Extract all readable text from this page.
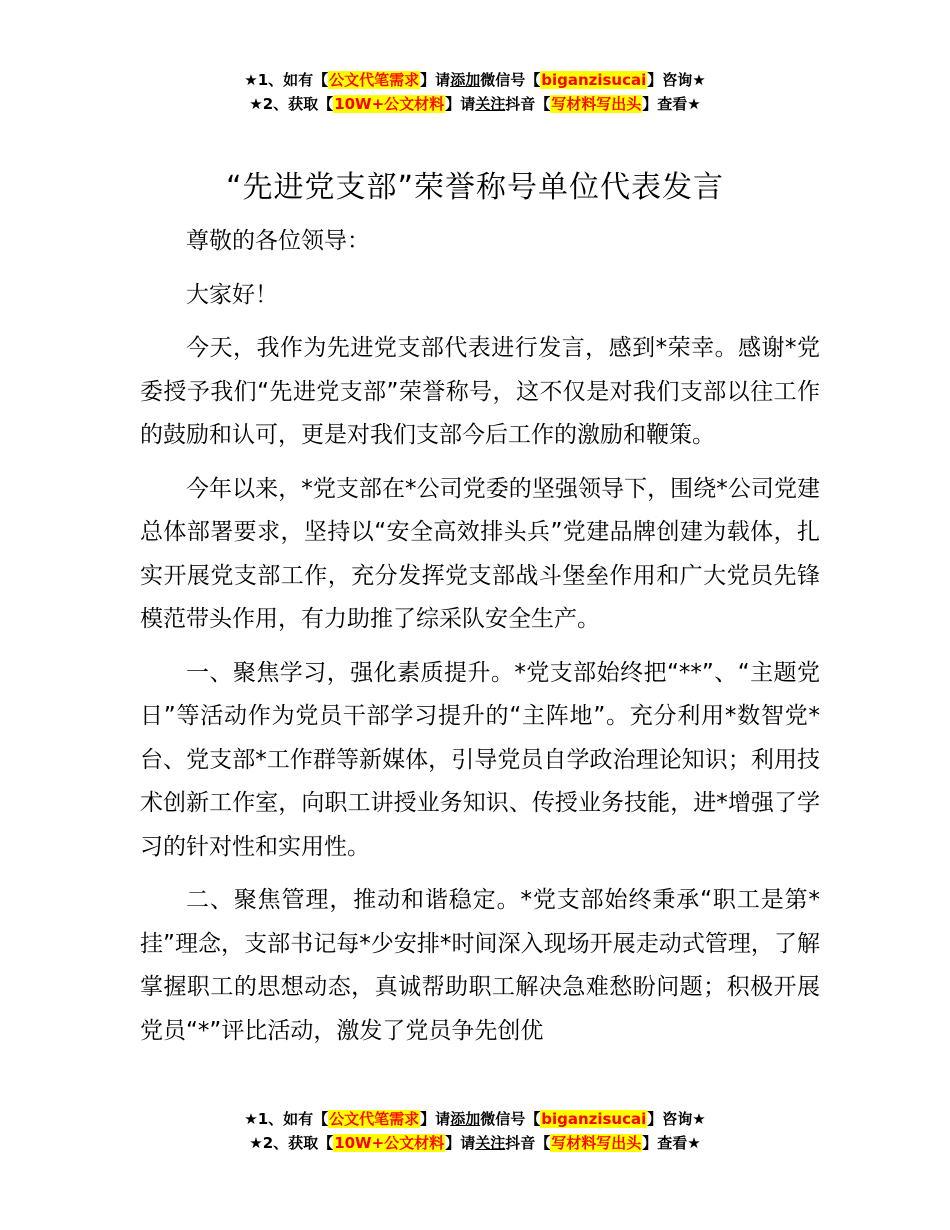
★1、如有【公文代笔需求】请添加微信号【biganzisucai】咨询★
★2、获取【10W+公文材料】请关注抖音【写材料写出头】查看★
“先进党支部”荣誉称号单位代表发言

尊敬的各位领导：

大家好！

今天，我作为先进党支部代表进行发言，感到*荣幸。感谢*党委授予我们“先进党支部”荣誉称号，这不仅是对我们支部以往工作的鼓励和认可，更是对我们支部今后工作的激励和鞭策。

今年以来，*党支部在*公司党委的坚强领导下，围绕*公司党建总体部署要求，坚持以“安全高效排头兵”党建品牌创建为载体，扎实开展党支部工作，充分发挥党支部战斗堡垒作用和广大党员先锋模范带头作用，有力助推了综采队安全生产。

一、聚焦学习，强化素质提升。*党支部始终把“**”、“主题党日”等活动作为党员干部学习提升的“主阵地”。充分利用*数智党*台、党支部*工作群等新媒体，引导党员自学政治理论知识；利用技术创新工作室，向职工讲授业务知识、传授业务技能，进*增强了学习的针对性和实用性。

二、聚焦管理，推动和谐稳定。*党支部始终秉承“职工是第*挂”理念，支部书记每*少安排*时间深入现场开展走动式管理，了解掌握职工的思想动态，真诚帮助职工解决急难愁盼问题；积极开展党员“*”评比活动，激发了党员争先创优

★1、如有【公文代笔需求】请添加微信号【biganzisucai】咨询★
★2、获取【10W+公文材料】请关注抖音【写材料写出头】查看★
